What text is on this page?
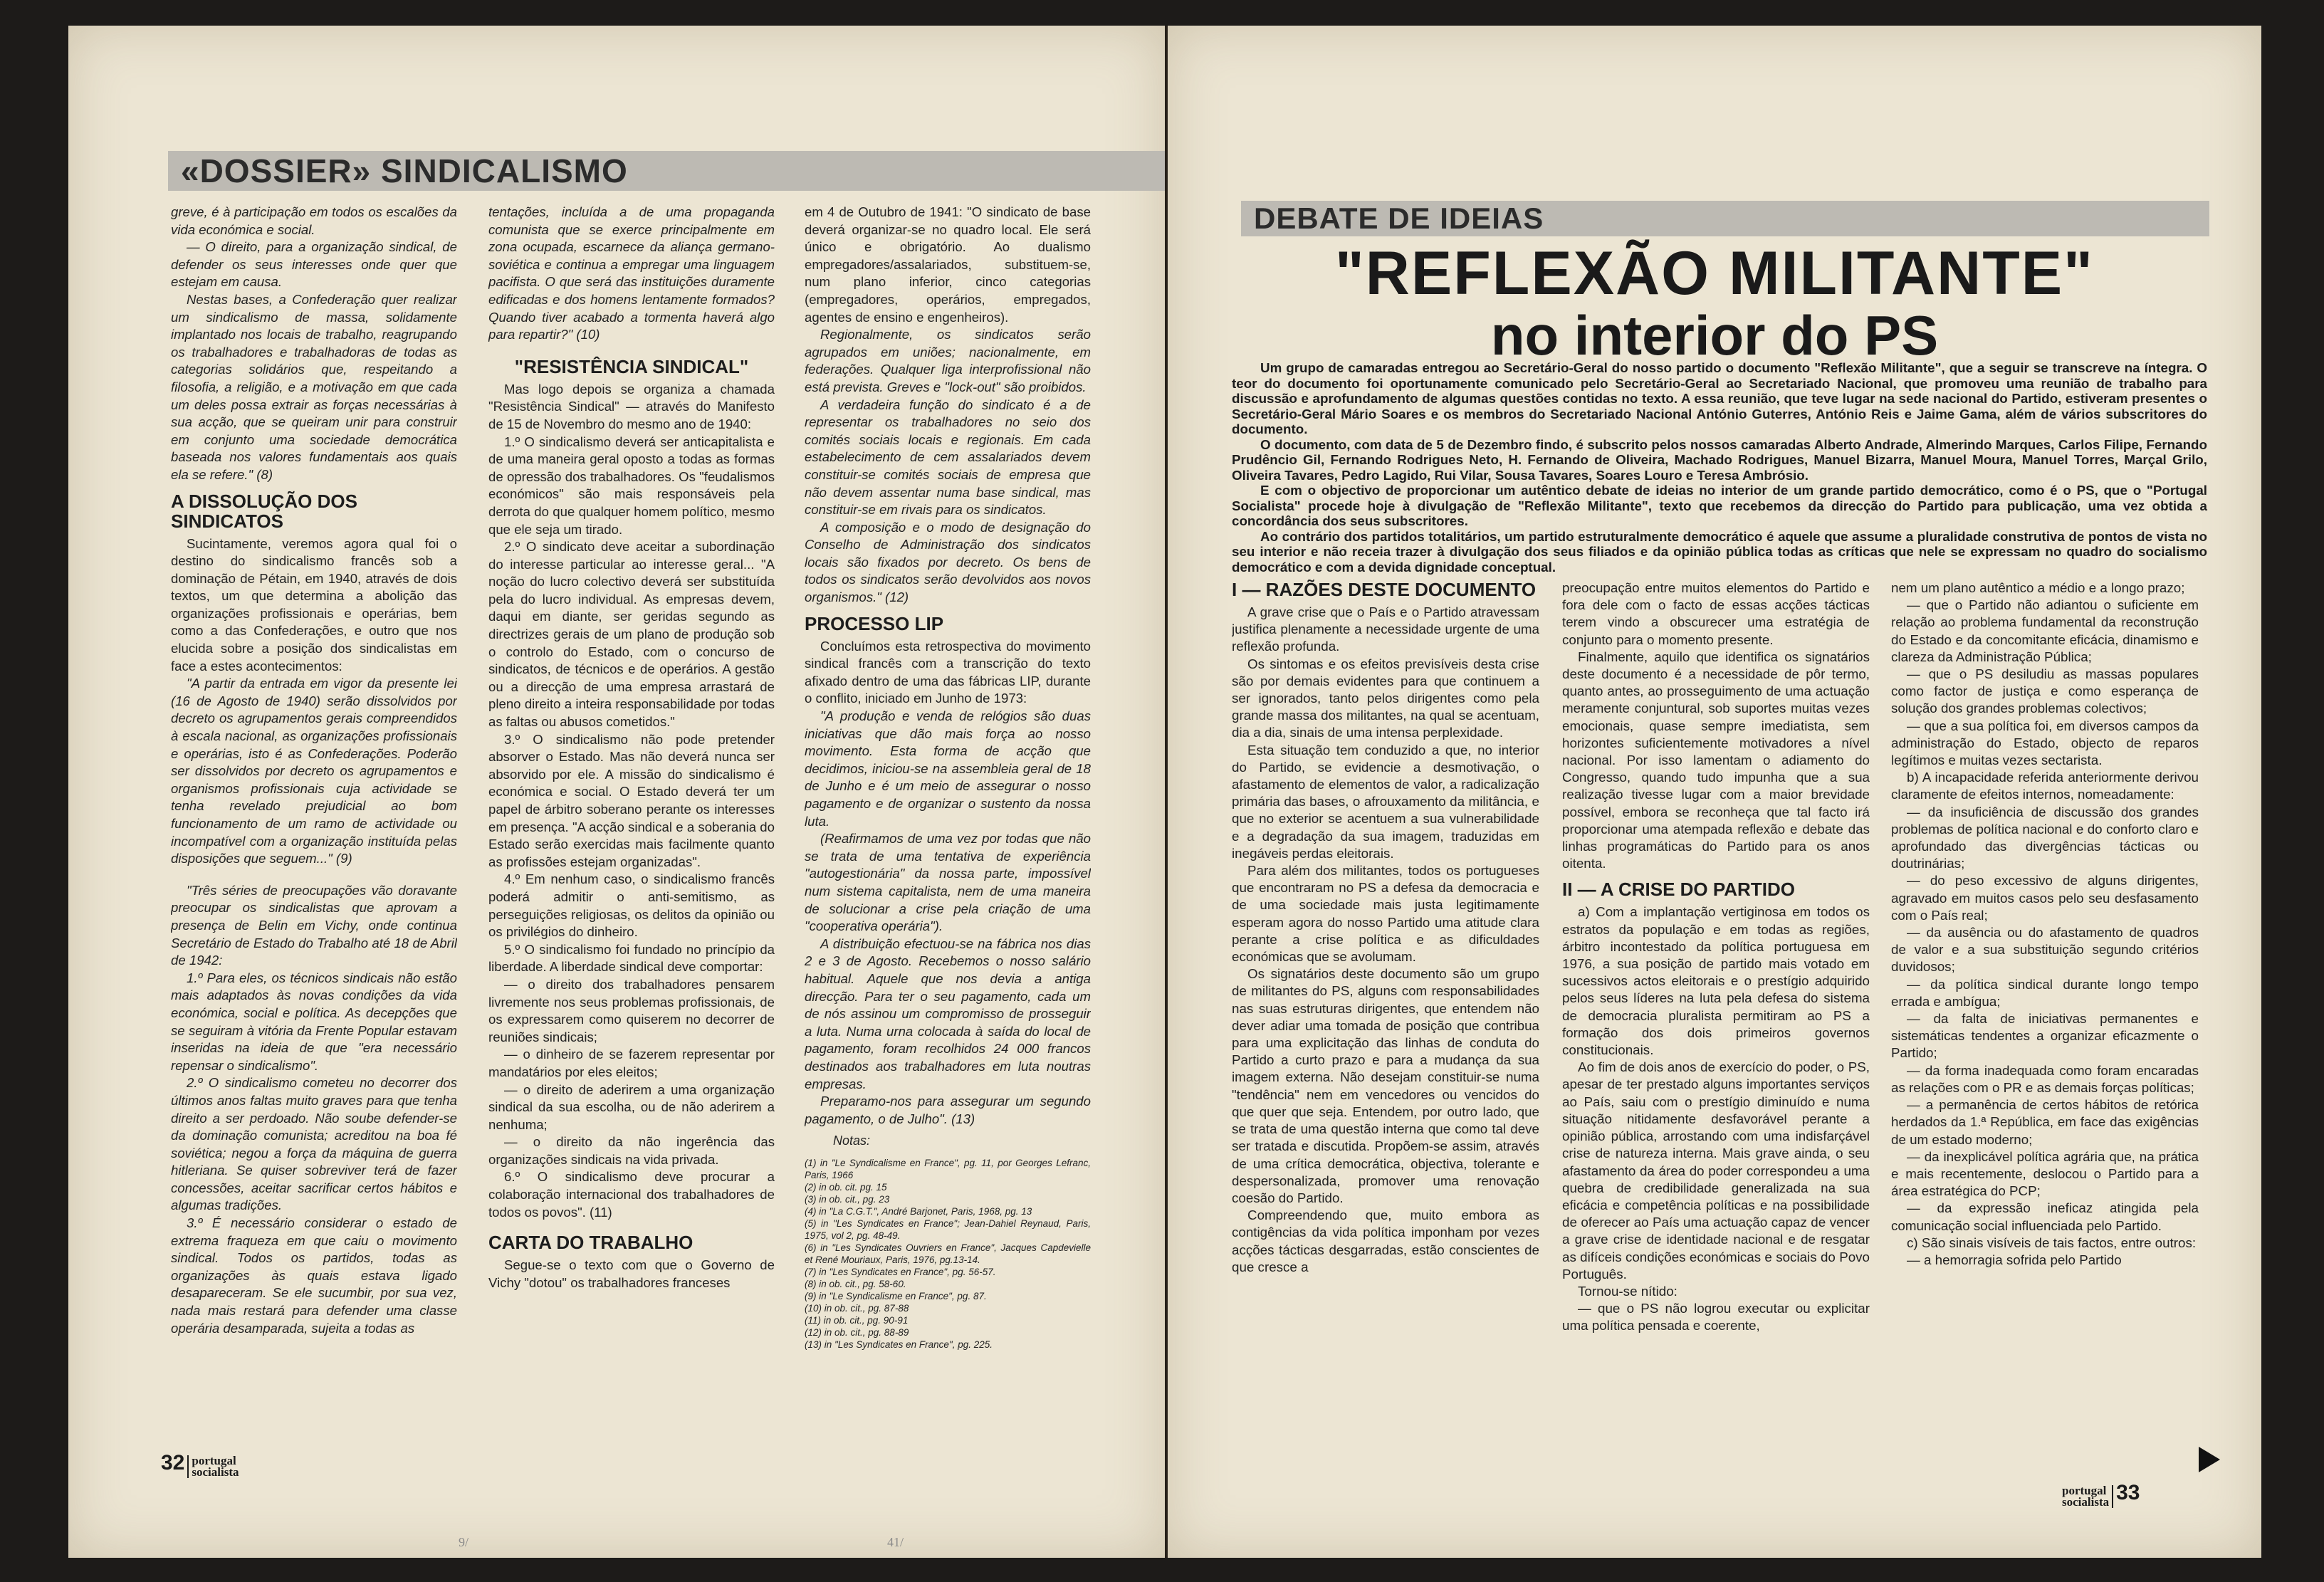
«DOSSIER» SINDICALISMO

greve, é à participação em todos os escalões da vida económica e social.

— O direito, para a organização sindical, de defender os seus interesses onde quer que estejam em causa.

Nestas bases, a Confederação quer realizar um sindicalismo de massa, solidamente implantado nos locais de trabalho, reagrupando os trabalhadores e trabalhadoras de todas as categorias solidários que, respeitando a filosofia, a religião, e a motivação em que cada um deles possa extrair as forças necessárias à sua acção, que se queiram unir para construir em conjunto uma sociedade democrática baseada nos valores fundamentais aos quais ela se refere." (8)

A DISSOLUÇÃO DOS SINDICATOS

Sucintamente, veremos agora qual foi o destino do sindicalismo francês sob a dominação de Pétain, em 1940, através de dois textos, um que determina a abolição das organizações profissionais e operárias, bem como a das Confederações, e outro que nos elucida sobre a posição dos sindicalistas em face a estes acontecimentos:

"A partir da entrada em vigor da presente lei (16 de Agosto de 1940) serão dissolvidos por decreto os agrupamentos gerais compreendidos à escala nacional, as organizações profissionais e operárias, isto é as Confederações. Poderão ser dissolvidos por decreto os agrupamentos e organismos profissionais cuja actividade se tenha revelado prejudicial ao bom funcionamento de um ramo de actividade ou incompatível com a organização instituída pelas disposições que seguem..." (9)

"Três séries de preocupações vão doravante preocupar os sindicalistas que aprovam a presença de Belin em Vichy, onde continua Secretário de Estado do Trabalho até 18 de Abril de 1942:

1.º Para eles, os técnicos sindicais não estão mais adaptados às novas condições da vida económica, social e política. As decepções que se seguiram à vitória da Frente Popular estavam inseridas na ideia de que "era necessário repensar o sindicalismo".

2.º O sindicalismo cometeu no decorrer dos últimos anos faltas muito graves para que tenha direito a ser perdoado. Não soube defender-se da dominação comunista; acreditou na boa fé soviética; negou a força da máquina de guerra hitleriana. Se quiser sobreviver terá de fazer concessões, aceitar sacrificar certos hábitos e algumas tradições.

3.º É necessário considerar o estado de extrema fraqueza em que caiu o movimento sindical. Todos os partidos, todas as organizações às quais estava ligado desapareceram. Se ele sucumbir, por sua vez, nada mais restará para defender uma classe operária desamparada, sujeita a todas as

tentações, incluída a de uma propaganda comunista que se exerce principalmente em zona ocupada, escarnece da aliança germano-soviética e continua a empregar uma linguagem pacifista. O que será das instituições duramente edificadas e dos homens lentamente formados? Quando tiver acabado a tormenta haverá algo para repartir?" (10)

"RESISTÊNCIA SINDICAL"

Mas logo depois se organiza a chamada "Resistência Sindical" — através do Manifesto de 15 de Novembro do mesmo ano de 1940:

1.º O sindicalismo deverá ser anticapitalista e de uma maneira geral oposto a todas as formas de opressão dos trabalhadores. Os "feudalismos económicos" são mais responsáveis pela derrota do que qualquer homem político, mesmo que ele seja um tirado.

2.º O sindicato deve aceitar a subordinação do interesse particular ao interesse geral... "A noção do lucro colectivo deverá ser substituída pela do lucro individual. As empresas devem, daqui em diante, ser geridas segundo as directrizes gerais de um plano de produção sob o controlo do Estado, com o concurso de sindicatos, de técnicos e de operários. A gestão ou a direcção de uma empresa arrastará de pleno direito a inteira responsabilidade por todas as faltas ou abusos cometidos."

3.º O sindicalismo não pode pretender absorver o Estado. Mas não deverá nunca ser absorvido por ele. A missão do sindicalismo é económica e social. O Estado deverá ter um papel de árbitro soberano perante os interesses em presença. "A acção sindical e a soberania do Estado serão exercidas mais facilmente quanto as profissões estejam organizadas".

4.º Em nenhum caso, o sindicalismo francês poderá admitir o anti-semitismo, as perseguições religiosas, os delitos da opinião ou os privilégios do dinheiro.

5.º O sindicalismo foi fundado no princípio da liberdade. A liberdade sindical deve comportar:

— o direito dos trabalhadores pensarem livremente nos seus problemas profissionais, de os expressarem como quiserem no decorrer de reuniões sindicais;

— o dinheiro de se fazerem representar por mandatários por eles eleitos;

— o direito de aderirem a uma organização sindical da sua escolha, ou de não aderirem a nenhuma;

— o direito da não ingerência das organizações sindicais na vida privada.

6.º O sindicalismo deve procurar a colaboração internacional dos trabalhadores de todos os povos". (11)

CARTA DO TRABALHO

Segue-se o texto com que o Governo de Vichy "dotou" os trabalhadores franceses

em 4 de Outubro de 1941: "O sindicato de base deverá organizar-se no quadro local. Ele será único e obrigatório. Ao dualismo empregadores/assalariados, substituem-se, num plano inferior, cinco categorias (empregadores, operários, empregados, agentes de ensino e engenheiros).

Regionalmente, os sindicatos serão agrupados em uniões; nacionalmente, em federações. Qualquer liga interprofissional não está prevista. Greves e "lock-out" são proibidos.

A verdadeira função do sindicato é a de representar os trabalhadores no seio dos comités sociais locais e regionais. Em cada estabelecimento de cem assalariados devem constituir-se comités sociais de empresa que não devem assentar numa base sindical, mas constituir-se em rivais para os sindicatos.

A composição e o modo de designação do Conselho de Administração dos sindicatos locais são fixados por decreto. Os bens de todos os sindicatos serão devolvidos aos novos organismos." (12)

PROCESSO LIP

Concluímos esta retrospectiva do movimento sindical francês com a transcrição do texto afixado dentro de uma das fábricas LIP, durante o conflito, iniciado em Junho de 1973:

"A produção e venda de relógios são duas iniciativas que dão mais força ao nosso movimento. Esta forma de acção que decidimos, iniciou-se na assembleia geral de 18 de Junho e é um meio de assegurar o nosso pagamento e de organizar o sustento da nossa luta.

(Reafirmamos de uma vez por todas que não se trata de uma tentativa de experiência "autogestionária" da nossa parte, impossível num sistema capitalista, nem de uma maneira de solucionar a crise pela criação de uma "cooperativa operária").

A distribuição efectuou-se na fábrica nos dias 2 e 3 de Agosto. Recebemos o nosso salário habitual. Aquele que nos devia a antiga direcção. Para ter o seu pagamento, cada um de nós assinou um compromisso de prosseguir a luta. Numa urna colocada à saída do local de pagamento, foram recolhidos 24 000 francos destinados aos trabalhadores em luta noutras empresas.

Preparamo-nos para assegurar um segundo pagamento, o de Julho". (13)

Notas:
(1) in "Le Syndicalisme en France", pg. 11, por Georges Lefranc, Paris, 1966
(2) in ob. cit. pg. 15
(3) in ob. cit., pg. 23
(4) in "La C.G.T.", André Barjonet, Paris, 1968, pg. 13
(5) in "Les Syndicates en France"; Jean-Dahiel Reynaud, Paris, 1975, vol 2, pg. 48-49.
(6) in "Les Syndicates Ouvriers en France", Jacques Capdevielle et René Mouriaux, Paris, 1976, pg.13-14.
(7) in "Les Syndicates en France", pg. 56-57.
(8) in ob. cit., pg. 58-60.
(9) in "Le Syndicalisme en France", pg. 87.
(10) in ob. cit., pg. 87-88
(11) in ob. cit., pg. 90-91
(12) in ob. cit., pg. 88-89
(13) in "Les Syndicates en France", pg. 225.
32 portugal
socialista
9/	41/
DEBATE DE IDEIAS
"REFLEXÃO MILITANTE"
no interior do PS

Um grupo de camaradas entregou ao Secretário-Geral do nosso partido o documento "Reflexão Militante", que a seguir se transcreve na íntegra. O teor do documento foi oportunamente comunicado pelo Secretário-Geral ao Secretariado Nacional, que promoveu uma reunião de trabalho para discussão e aprofundamento de algumas questões contidas no texto. A essa reunião, que teve lugar na sede nacional do Partido, estiveram presentes o Secretário-Geral Mário Soares e os membros do Secretariado Nacional António Guterres, António Reis e Jaime Gama, além de vários subscritores do documento.

O documento, com data de 5 de Dezembro findo, é subscrito pelos nossos camaradas Alberto Andrade, Almerindo Marques, Carlos Filipe, Fernando Prudêncio Gil, Fernando Rodrigues Neto, H. Fernando de Oliveira, Machado Rodrigues, Manuel Bizarra, Manuel Moura, Manuel Torres, Marçal Grilo, Oliveira Tavares, Pedro Lagido, Rui Vilar, Sousa Tavares, Soares Louro e Teresa Ambrósio.

E com o objectivo de proporcionar um autêntico debate de ideias no interior de um grande partido democrático, como é o PS, que o "Portugal Socialista" procede hoje à divulgação de "Reflexão Militante", texto que recebemos da direcção do Partido para publicação, uma vez obtida a concordância dos seus subscritores.

Ao contrário dos partidos totalitários, um partido estruturalmente democrático é aquele que assume a pluralidade construtiva de pontos de vista no seu interior e não receia trazer à divulgação dos seus filiados e da opinião pública todas as críticas que nele se expressam no quadro do socialismo democrático e com a devida dignidade conceptual.

I — RAZÕES DESTE DOCUMENTO

A grave crise que o País e o Partido atravessam justifica plenamente a necessidade urgente de uma reflexão profunda.

Os sintomas e os efeitos previsíveis desta crise são por demais evidentes para que continuem a ser ignorados, tanto pelos dirigentes como pela grande massa dos militantes, na qual se acentuam, dia a dia, sinais de uma intensa perplexidade.

Esta situação tem conduzido a que, no interior do Partido, se evidencie a desmotivação, o afastamento de elementos de valor, a radicalização primária das bases, o afrouxamento da militância, e que no exterior se acentuem a sua vulnerabilidade e a degradação da sua imagem, traduzidas em inegáveis perdas eleitorais.

Para além dos militantes, todos os portugueses que encontraram no PS a defesa da democracia e de uma sociedade mais justa legitimamente esperam agora do nosso Partido uma atitude clara perante a crise política e as dificuldades económicas que se avolumam.

Os signatários deste documento são um grupo de militantes do PS, alguns com responsabilidades nas suas estruturas dirigentes, que entendem não dever adiar uma tomada de posição que contribua para uma explicitação das linhas de conduta do Partido a curto prazo e para a mudança da sua imagem externa. Não desejam constituir-se numa "tendência" nem em vencedores ou vencidos do que quer que seja. Entendem, por outro lado, que se trata de uma questão interna que como tal deve ser tratada e discutida. Propõem-se assim, através de uma crítica democrática, objectiva, tolerante e despersonalizada, promover uma renovação coesão do Partido.

Compreendendo que, muito embora as contigências da vida política imponham por vezes acções tácticas desgarradas, estão conscientes de que cresce a

preocupação entre muitos elementos do Partido e fora dele com o facto de essas acções tácticas terem vindo a obscurecer uma estratégia de conjunto para o momento presente.

Finalmente, aquilo que identifica os signatários deste documento é a necessidade de pôr termo, quanto antes, ao prosseguimento de uma actuação meramente conjuntural, sob suportes muitas vezes emocionais, quase sempre imediatista, sem horizontes suficientemente motivadores a nível nacional. Por isso lamentam o adiamento do Congresso, quando tudo impunha que a sua realização tivesse lugar com a maior brevidade possível, embora se reconheça que tal facto irá proporcionar uma atempada reflexão e debate das linhas programáticas do Partido para os anos oitenta.

II — A CRISE DO PARTIDO

a) Com a implantação vertiginosa em todos os estratos da população e em todas as regiões, árbitro incontestado da política portuguesa em 1976, a sua posição de partido mais votado em sucessivos actos eleitorais e o prestígio adquirido pelos seus líderes na luta pela defesa do sistema de democracia pluralista permitiram ao PS a formação dos dois primeiros governos constitucionais.

Ao fim de dois anos de exercício do poder, o PS, apesar de ter prestado alguns importantes serviços ao País, saiu com o prestígio diminuído e numa situação nitidamente desfavorável perante a opinião pública, arrostando com uma indisfarçável crise de natureza interna. Mais grave ainda, o seu afastamento da área do poder correspondeu a uma quebra de credibilidade generalizada na sua eficácia e competência políticas e na possibilidade de oferecer ao País uma actuação capaz de vencer a grave crise de identidade nacional e de resgatar as difíceis condições económicas e sociais do Povo Português.

Tornou-se nítido:

— que o PS não logrou executar ou explicitar uma política pensada e coerente,

nem um plano autêntico a médio e a longo prazo;

— que o Partido não adiantou o suficiente em relação ao problema fundamental da reconstrução do Estado e da concomitante eficácia, dinamismo e clareza da Administração Pública;

— que o PS desiludiu as massas populares como factor de justiça e como esperança de solução dos grandes problemas colectivos;

— que a sua política foi, em diversos campos da administração do Estado, objecto de reparos legítimos e muitas vezes sectarista.

b) A incapacidade referida anteriormente derivou claramente de efeitos internos, nomeadamente:

— da insuficiência de discussão dos grandes problemas de política nacional e do conforto claro e aprofundado das divergências tácticas ou doutrinárias;

— do peso excessivo de alguns dirigentes, agravado em muitos casos pelo seu desfasamento com o País real;

— da ausência ou do afastamento de quadros de valor e a sua substituição segundo critérios duvidosos;

— da política sindical durante longo tempo errada e ambígua;

— da falta de iniciativas permanentes e sistemáticas tendentes a organizar eficazmente o Partido;

— da forma inadequada como foram encaradas as relações com o PR e as demais forças políticas;

— a permanência de certos hábitos de retórica herdados da 1.ª República, em face das exigências de um estado moderno;

— da inexplicável política agrária que, na prática e mais recentemente, deslocou o Partido para a área estratégica do PCP;

— da expressão ineficaz atingida pela comunicação social influenciada pelo Partido.

c) São sinais visíveis de tais factos, entre outros:

— a hemorragia sofrida pelo Partido

portugal
socialista 33
